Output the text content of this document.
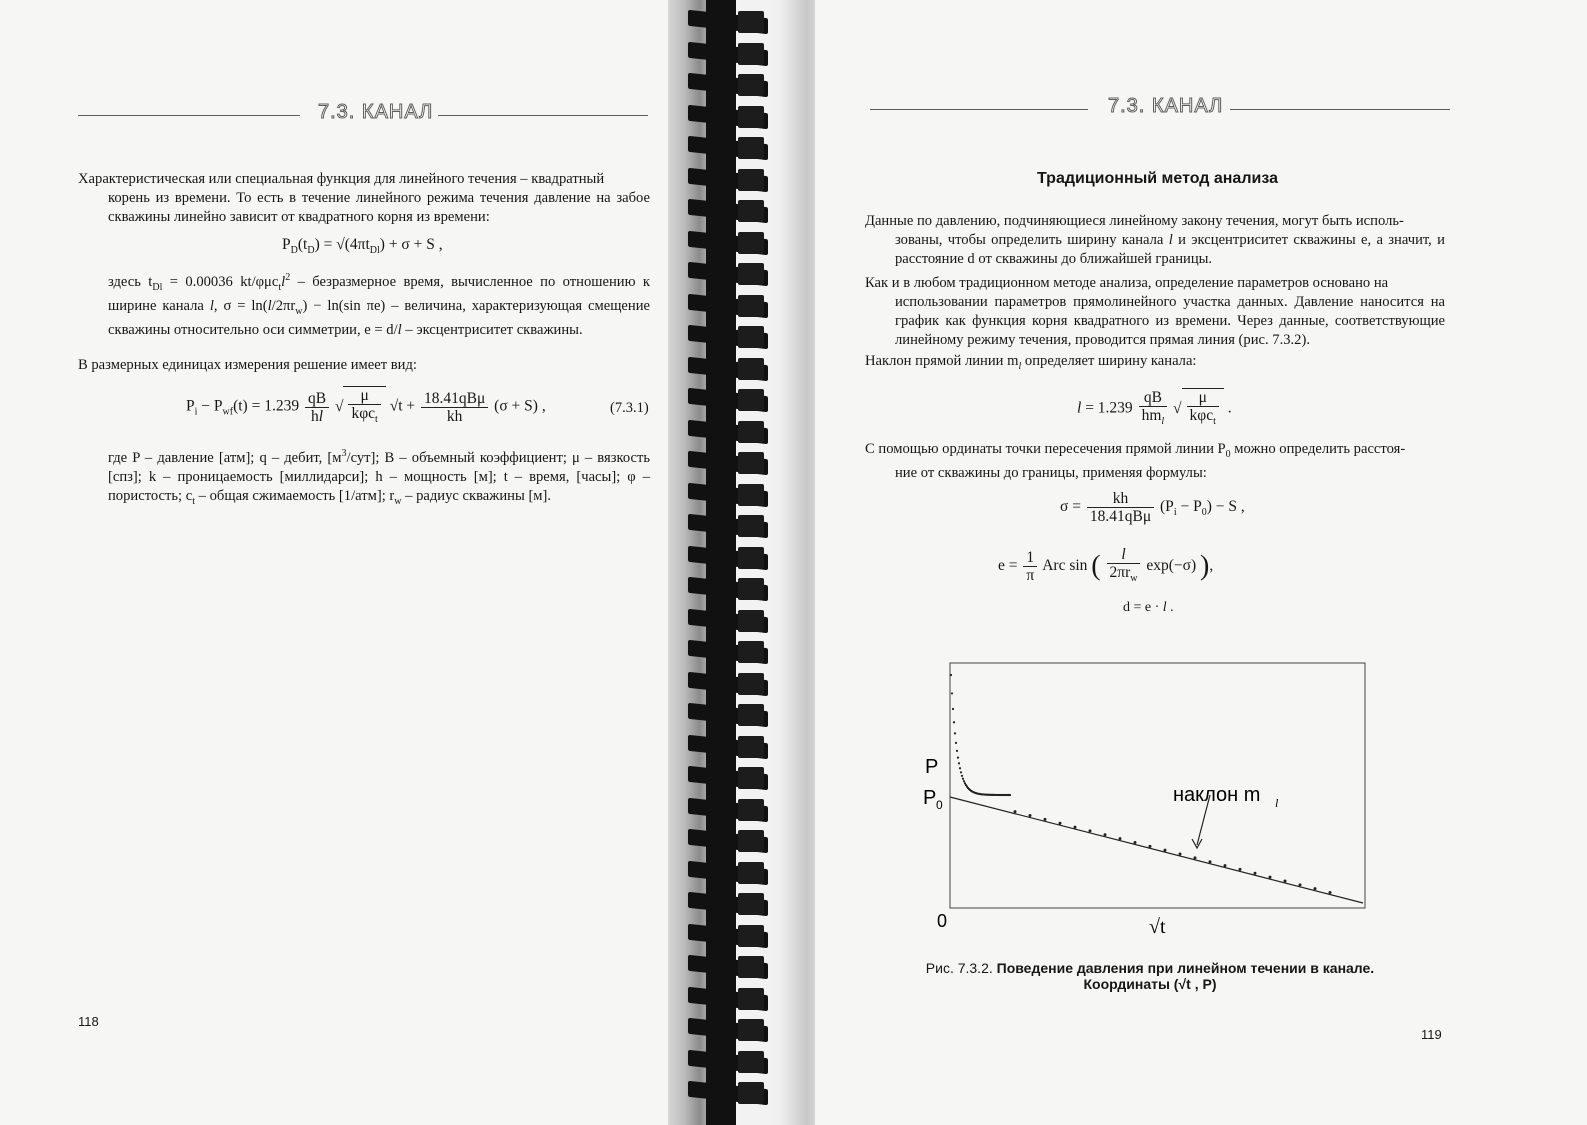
7.3. КАНАЛ
Характеристическая или специальная функция для линейного течения – квадратный
корень из времени. То есть в течение линейного режима течения давление на забое скважины линейно зависит от квадратного корня из времени:
$P_D(t_D) = √(4\pi t_{Dl}) + \sigma + S$ ,
здесь $t_{Dl} = 0.00036$ $kt/\varphi\mu c_tl^2$ – безразмерное время, вычисленное по отношению к ширине канала l, $\sigma = \ln(l/2\pi r_w) - \ln(\sin$ πe) – величина, характеризующая смещение скважины относительно оси симметрии, e = d/l – эксцентриситет скважины.
В размерных единицах измерения решение имеет вид:
$P_i - P_{wf}(t) = 1.239 \frac{qB}{hl}$ √ $\frac{\mu}{k\varphi c_t} √t + \frac{\text{18.41qBμ}}{kh} (\sigma + S)$ ,	(7.3.1)
где P – давление [атм]; q – дебит, $[м^3/сут]$; B – объемный коэффициент; μ – вязкость [спз]; k – проницаемость [миллидарси]; h – мощность [м]; t – время, [часы]; φ – пористость; $c_t$ – общая сжимаемость [1/атм]; $r_w$ – радиус скважины [м].
118
7.3. КАНАЛ
Традиционный метод анализа
Данные по давлению, подчиняющиеся линейному закону течения, могут быть исполь-
зованы, чтобы определить ширину канала l и эксцентриситет скважины e, а значит, и расстояние d от скважины до ближайшей границы.
Как и в любом традиционном методе анализа, определение параметров основано на
использовании параметров прямолинейного участка данных. Давление наносится на график как функция корня квадратного из времени. Через данные, соответствующие линейному режиму течения, проводится прямая линия (рис. 7.3.2).
Наклон прямой линии $m_l$ определяет ширину канала:
$l = 1.239 \frac{qB}{hm_l}$ √ $\frac{\mu}{k\varphi c_t}$ .
С помощью ординаты точки пересечения прямой линии $P_0$ можно определить расстоя-
ние от скважины до границы, применяя формулы:
$\sigma = \frac{kh}{\text{18.41qBμ}} (P_i - P_0) - S$ ,
$e = \frac{1}{\pi}$ Arc sin ( $\frac{l}{2\pi r_w} \exp(-\sigma)$ ),
d = e · l .
P
P 0
0	√t
наклон m l
Рис. 7.3.2. Поведение давления при линейном течении в канале.
Координаты (√t , P)
119
